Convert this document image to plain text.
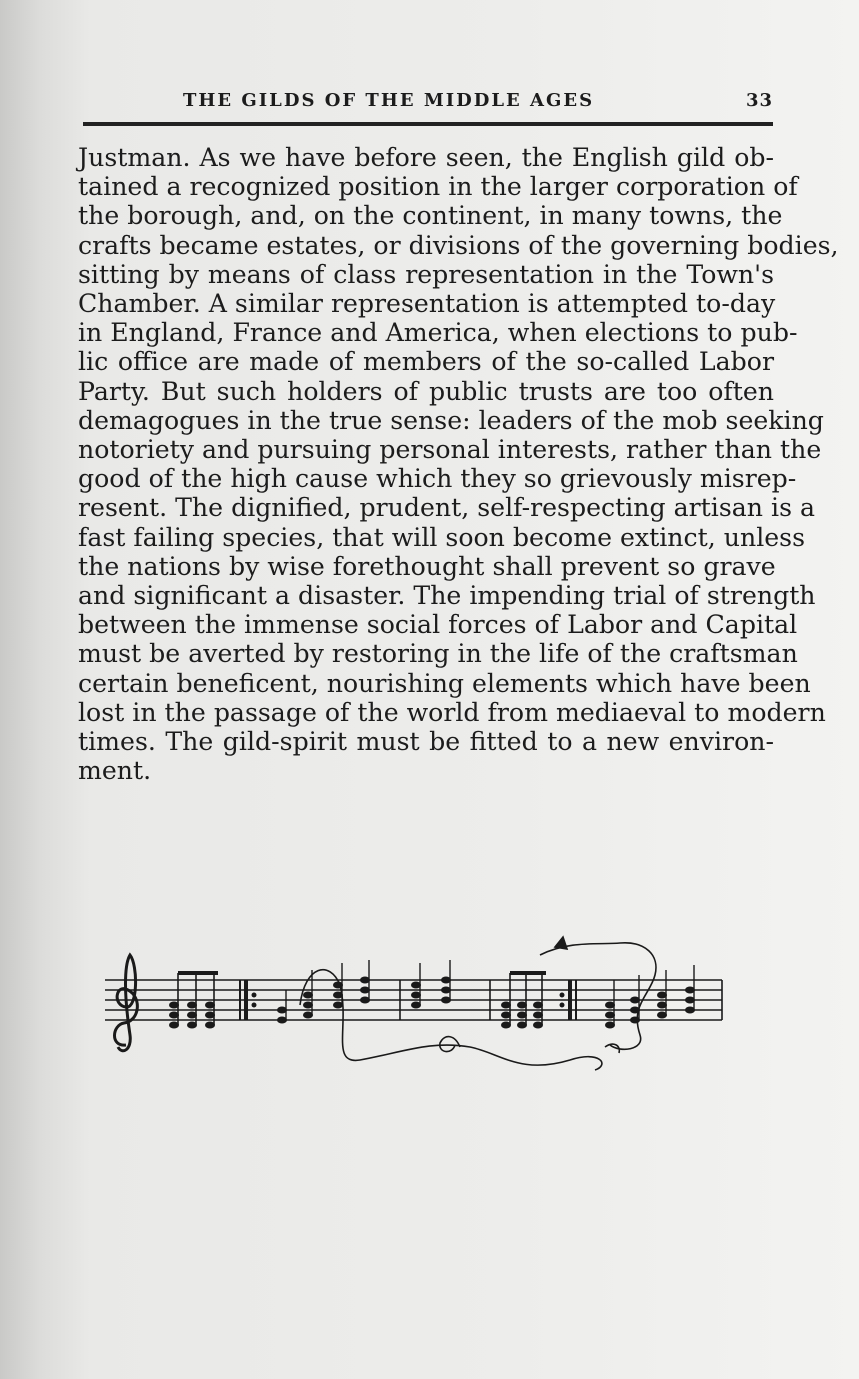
THE GILDS OF THE MIDDLE AGES	33
Justman. As we have before seen, the English gild ob-
tained a recognized position in the larger corporation of
the borough, and, on the continent, in many towns, the
crafts became estates, or divisions of the governing bodies,
sitting by means of class representation in the Town's
Chamber. A similar representation is attempted to-day
in England, France and America, when elections to pub-
lic office are made of members of the so-called Labor
Party. But such holders of public trusts are too often
demagogues in the true sense: leaders of the mob seeking
notoriety and pursuing personal interests, rather than the
good of the high cause which they so grievously misrep-
resent. The dignified, prudent, self-respecting artisan is a
fast failing species, that will soon become extinct, unless
the nations by wise forethought shall prevent so grave
and significant a disaster. The impending trial of strength
between the immense social forces of Labor and Capital
must be averted by restoring in the life of the craftsman
certain beneficent, nourishing elements which have been
lost in the passage of the world from mediaeval to modern
times. The gild-spirit must be fitted to a new environ-
ment.
